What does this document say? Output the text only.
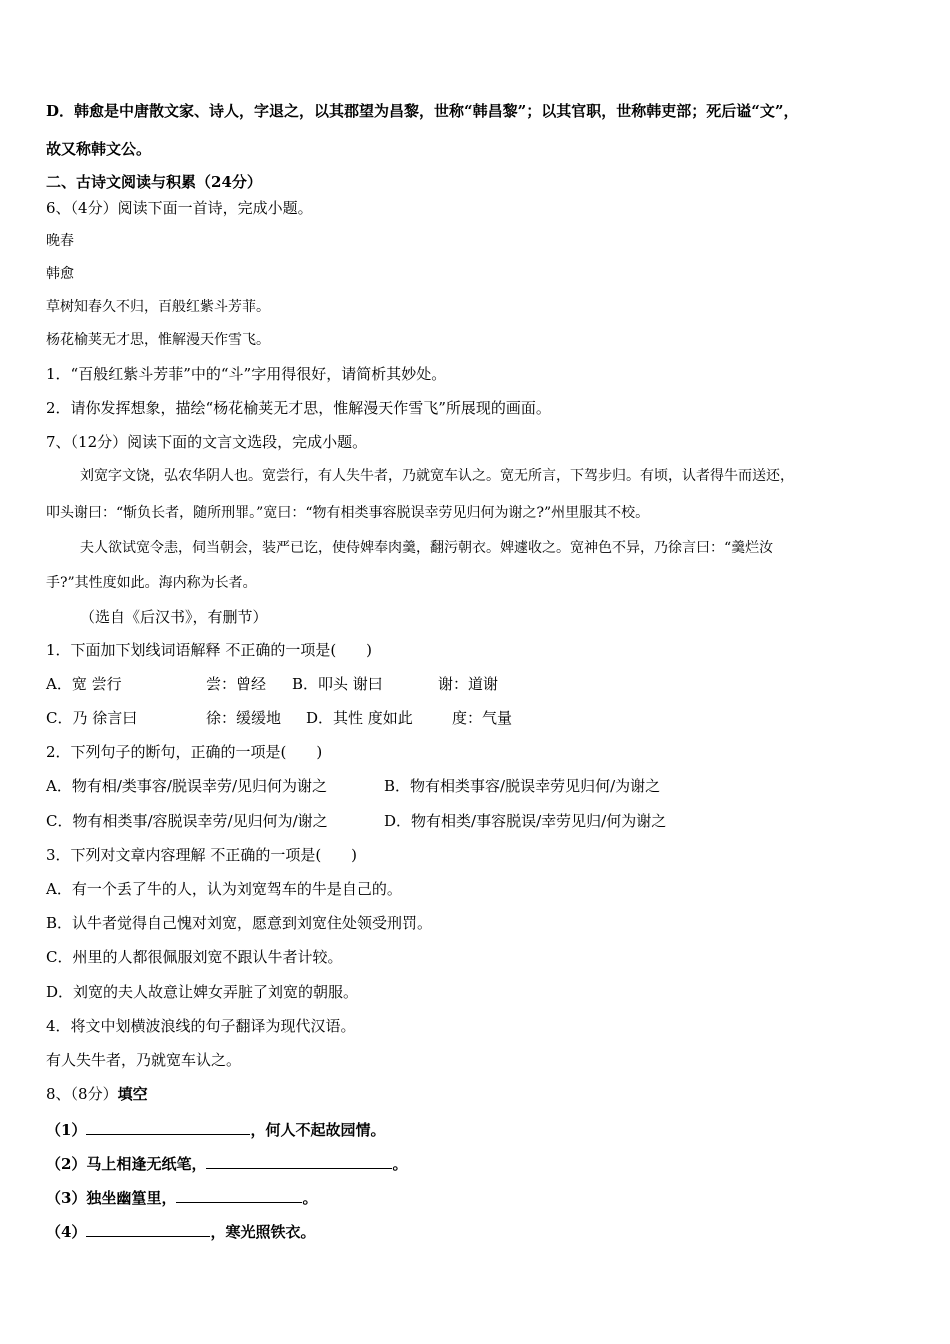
D．韩愈是中唐散文家、诗人，字退之，以其郡望为昌黎，世称“韩昌黎”；以其官职，世称韩吏部；死后谥“文”，
故又称韩文公。
二、古诗文阅读与积累（24分）
6、（4分）阅读下面一首诗，完成小题。
晚春
韩愈
草树知春久不归，百般红紫斗芳菲。
杨花榆荚无才思，惟解漫天作雪飞。
1．“百般红紫斗芳菲”中的“斗”字用得很好，请简析其妙处。
2．请你发挥想象，描绘“杨花榆荚无才思，惟解漫天作雪飞”所展现的画面。
7、（12分）阅读下面的文言文选段，完成小题。
刘宽字文饶，弘农华阴人也。宽尝行，有人失牛者，乃就宽车认之。宽无所言，下驾步归。有顷，认者得牛而送还，
叩头谢曰：“惭负长者，随所刑罪。”宽曰：“物有相类事容脱误幸劳见归何为谢之?”州里服其不校。
夫人欲试宽令恚，伺当朝会，装严已讫，使侍婢奉肉羹，翻污朝衣。婢遽收之。宽神色不异，乃徐言曰：“羹烂汝
手?”其性度如此。海内称为长者。
（选自《后汉书》，有删节）
1．下面加下划线词语解释 不正确的一项是(　　)
A．宽 尝行	尝：曾经 B．叩头 谢曰	谢：道谢
C．乃 徐言曰	徐：缓缓地 D．其性 度如此	度：气量
2．下列句子的断句，正确的一项是(　　)
A．物有相/类事容/脱误幸劳/见归何为谢之	B．物有相类事容/脱误幸劳见归何/为谢之
C．物有相类事/容脱误幸劳/见归何为/谢之	D．物有相类/事容脱误/幸劳见归/何为谢之
3．下列对文章内容理解 不正确的一项是(　　)
A．有一个丢了牛的人，认为刘宽驾车的牛是自己的。
B．认牛者觉得自己愧对刘宽，愿意到刘宽住处领受刑罚。
C．州里的人都很佩服刘宽不跟认牛者计较。
D．刘宽的夫人故意让婢女弄脏了刘宽的朝服。
4．将文中划横波浪线的句子翻译为现代汉语。
有人失牛者，乃就宽车认之。
8、（8分）填空
（1）	，何人不起故园情。
（2）马上相逢无纸笔，	。
（3）独坐幽篁里，	。
（4）	，寒光照铁衣。
